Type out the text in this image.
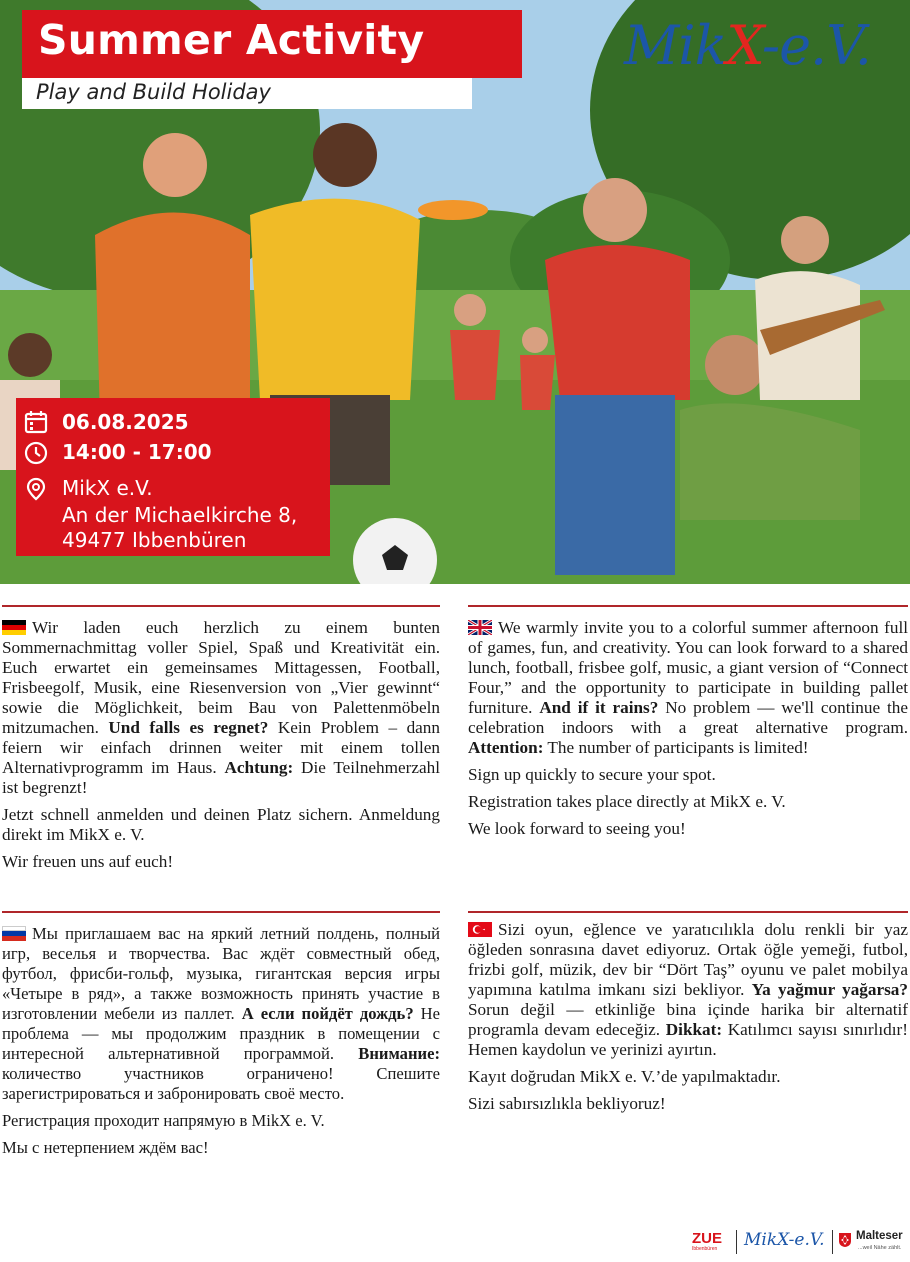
Summer Activity
Play and Build Holiday
MikX-e.V.
06.08.2025
14:00 - 17:00
MikX e.V.
An der Michaelkirche 8,
49477 Ibbenbüren

Wir laden euch herzlich zu einem bunten Sommernachmittag voller Spiel, Spaß und Kreativität ein. Euch erwartet ein gemeinsames Mittagessen, Football, Frisbeegolf, Musik, eine Riesenversion von „Vier gewinnt“ sowie die Möglichkeit, beim Bau von Palettenmöbeln mitzumachen. Und falls es regnet? Kein Problem – dann feiern wir einfach drinnen weiter mit einem tollen Alternativprogramm im Haus. Achtung: Die Teilnehmerzahl ist begrenzt!

Jetzt schnell anmelden und deinen Platz sichern. Anmeldung direkt im MikX e. V.

Wir freuen uns auf euch!

We warmly invite you to a colorful summer afternoon full of games, fun, and creativity. You can look forward to a shared lunch, football, frisbee golf, music, a giant version of “Connect Four,” and the opportunity to participate in building pallet furniture. And if it rains? No problem — we'll continue the celebration indoors with a great alternative program. Attention: The number of participants is limited!

Sign up quickly to secure your spot.

Registration takes place directly at MikX e. V.

We look forward to seeing you!

Мы приглашаем вас на яркий летний полдень, полный игр, веселья и творчества. Вас ждёт совместный обед, футбол, фрисби-гольф, музыка, гигантская версия игры «Четыре в ряд», а также возможность принять участие в изготовлении мебели из паллет. А если пойдёт дождь? Не проблема — мы продолжим праздник в помещении с интересной альтернативной программой. Внимание: количество участников ограничено! Спешите зарегистрироваться и забронировать своё место.

Регистрация проходит напрямую в MikX e. V.

Мы с нетерпением ждём вас!

Sizi oyun, eğlence ve yaratıcılıkla dolu renkli bir yaz öğleden sonrasına davet ediyoruz. Ortak öğle yemeği, futbol, frizbi golf, müzik, dev bir “Dört Taş” oyunu ve palet mobilya yapımına katılma imkanı sizi bekliyor. Ya yağmur yağarsa? Sorun değil — etkinliğe bina içinde harika bir alternatif programla devam edeceğiz. Dikkat: Katılımcı sayısı sınırlıdır! Hemen kaydolun ve yerinizi ayırtın.

Kayıt doğrudan MikX e. V.’de yapılmaktadır.

Sizi sabırsızlıkla bekliyoruz!

ZUE
Ibbenbüren MikX-e.V.	Malteser
...weil Nähe zählt.
